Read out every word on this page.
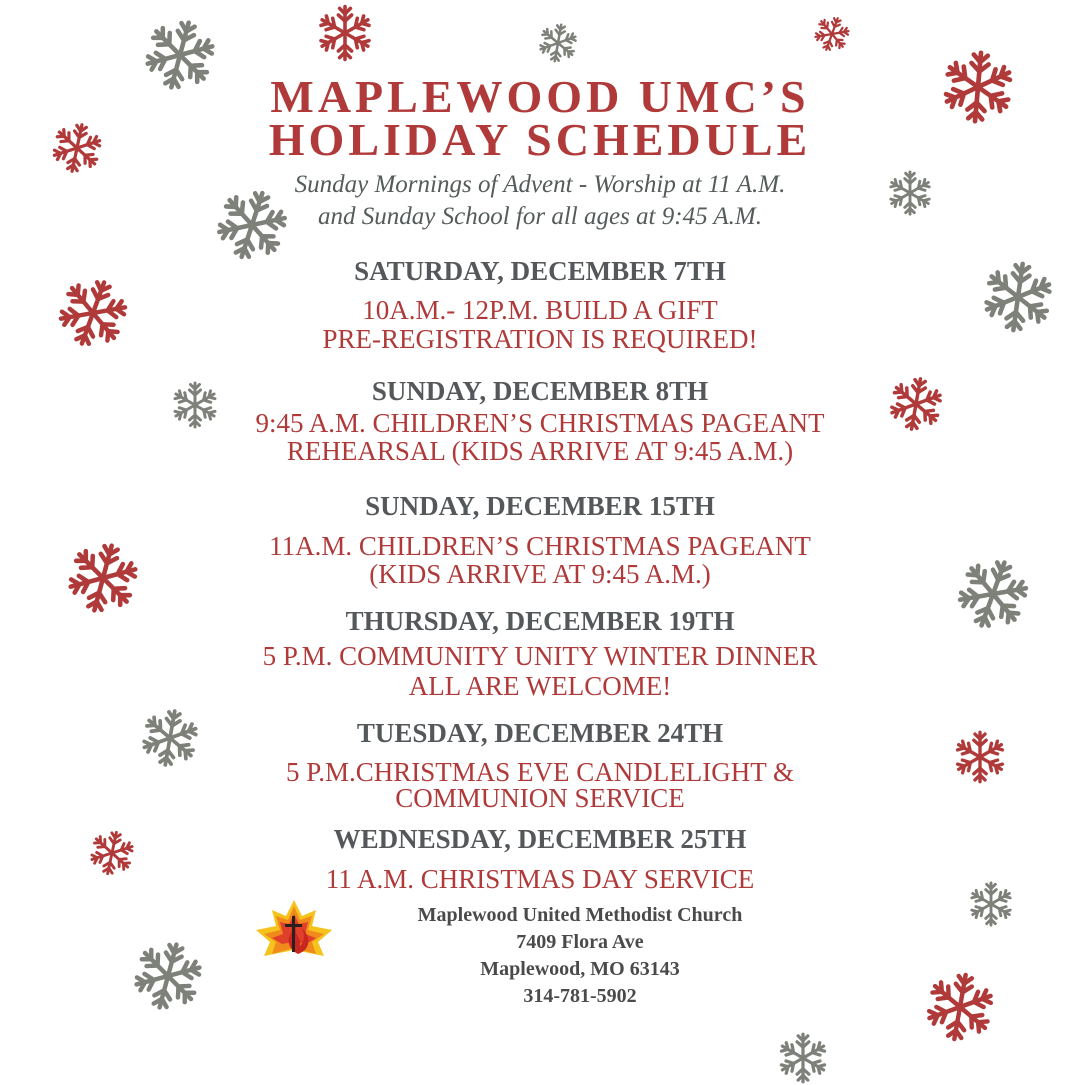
MAPLEWOOD UMC’S
HOLIDAY SCHEDULE
Sunday Mornings of Advent - Worship at 11 A.M.
and Sunday School for all ages at 9:45 A.M.
SATURDAY, DECEMBER 7TH
10A.M.- 12P.M. BUILD A GIFT
PRE-REGISTRATION IS REQUIRED!
SUNDAY, DECEMBER 8TH
9:45 A.M. CHILDREN’S CHRISTMAS PAGEANT
REHEARSAL (KIDS ARRIVE AT 9:45 A.M.)
SUNDAY, DECEMBER 15TH
11A.M. CHILDREN’S CHRISTMAS PAGEANT
(KIDS ARRIVE AT 9:45 A.M.)
THURSDAY, DECEMBER 19TH
5 P.M. COMMUNITY UNITY WINTER DINNER
ALL ARE WELCOME!
TUESDAY, DECEMBER 24TH
5 P.M.CHRISTMAS EVE CANDLELIGHT &
COMMUNION SERVICE
WEDNESDAY, DECEMBER 25TH
11 A.M. CHRISTMAS DAY SERVICE
Maplewood United Methodist Church
7409 Flora Ave
Maplewood, MO 63143
314-781-5902
